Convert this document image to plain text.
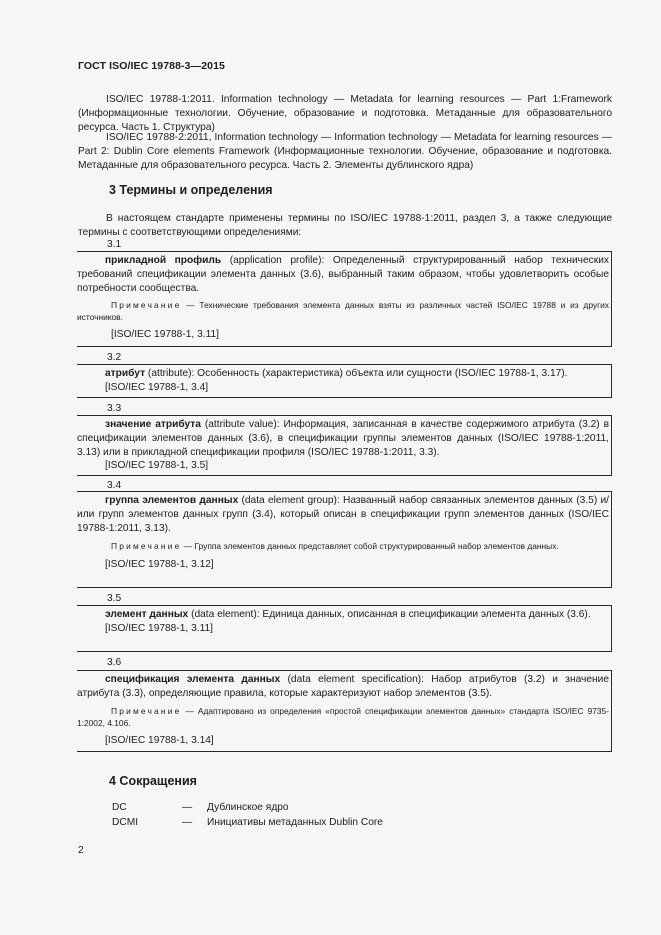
ГОСТ ISO/IEC 19788-3—2015

ISO/IEC 19788-1:2011. Information technology — Metadata for learning resources — Part 1:Framework (Информационные технологии. Обучение, образование и подготовка. Метаданные для образовательного ресурса. Часть 1. Структура)

ISO/IEC 19788-2:2011, Information technology — Information technology — Metadata for learning resources — Part 2: Dublin Core elements Framework (Информационные технологии. Обучение, образование и подготовка. Метаданные для образовательного ресурса. Часть 2. Элементы дублинского ядра)

3 Термины и определения

В настоящем стандарте применены термины по ISO/IEC 19788-1:2011, раздел 3, а также следующие термины с соответствующими определениями:

3.1

прикладной профиль (application profile): Определенный структурированный набор технических требований спецификации элемента данных (3.6), выбранный таким образом, чтобы удовлетворить особые потребности сообщества.

Примечание — Технические требования элемента данных взяты из различных частей ISO/IEC 19788 и из других источников.

[ISO/IEC 19788-1, 3.11]

3.2

атрибут (attribute): Особенность (характеристика) объекта или сущности (ISO/IEC 19788-1, 3.17).

[ISO/IEC 19788-1, 3.4]

3.3

значение атрибута (attribute value): Информация, записанная в качестве содержимого атрибута (3.2) в спецификации элементов данных (3.6), в спецификации группы элементов данных (ISO/IEC 19788-1:2011, 3.13) или в прикладной спецификации профиля (ISO/IEC 19788-1:2011, 3.3).

[ISO/IEC 19788-1, 3.5]

3.4

группа элементов данных (data element group): Названный набор связанных элементов данных (3.5) и/или групп элементов данных групп (3.4), который описан в спецификации групп элементов данных (ISO/IEC 19788-1:2011, 3.13).

Примечание — Группа элементов данных представляет собой структурированный набор элементов данных.

[ISO/IEC 19788-1, 3.12]

3.5

элемент данных (data element): Единица данных, описанная в спецификации элемента данных (3.6).

[ISO/IEC 19788-1, 3.11]

3.6

спецификация элемента данных (data element specification): Набор атрибутов (3.2) и значение атрибута (3.3), определяющие правила, которые характеризуют набор элементов (3.5).

Примечание — Адаптировано из определения «простой спецификации элементов данных» стандарта ISO/IEC 9735-1:2002, 4.106.

[ISO/IEC 19788-1, 3.14]

4 Сокращения
DC	— Дублинское ядро
DCMI	— Инициативы метаданных Dublin Core
2
